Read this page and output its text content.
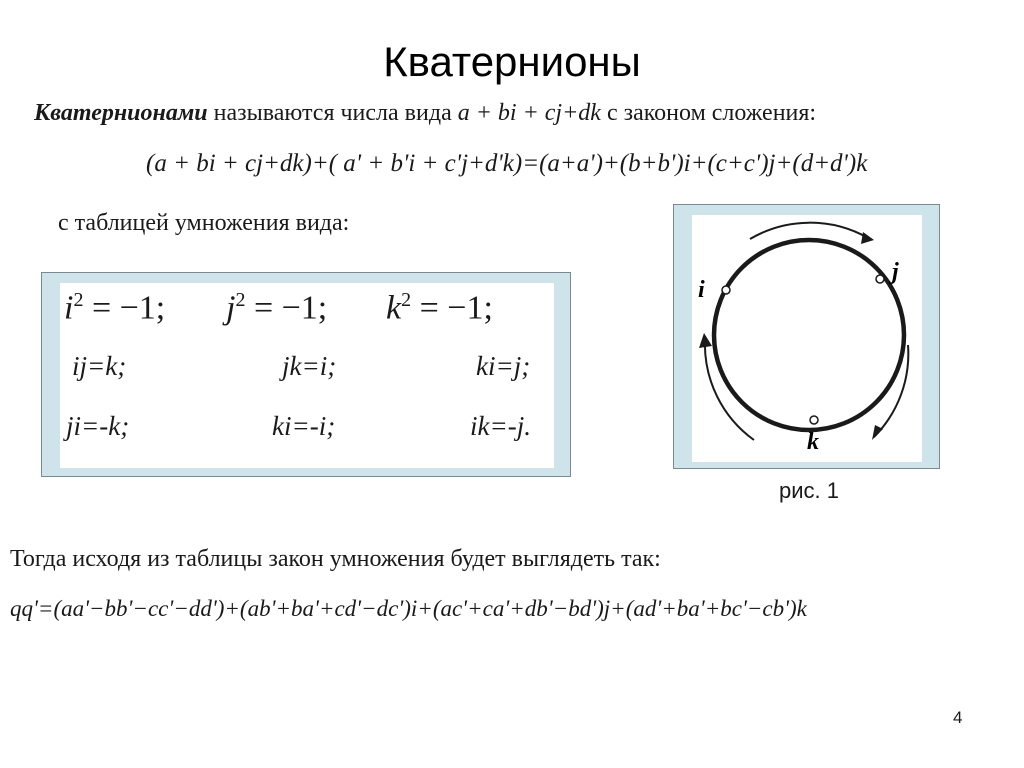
Кватернионы
Кватернионами называются числа вида a + bi + cj+dk с законом сложения:
(a + bi + cj+dk)+( a' + b'i + c'j+d'k)=(a+a')+(b+b')i+(c+c')j+(d+d')k
с таблицей умножения вида:
$i^2 = -1$; $j^2 = -1$; $k^2 = -1$;
ij=k;	jk=i;	ki=j;
ji=-k;	ki=-i;	ik=-j.
i
j
k
рис. 1
Тогда исходя из таблицы закон умножения будет выглядеть так:
qq'=(aa'−bb'−cc'−dd')+(ab'+ba'+cd'−dc')i+(ac'+ca'+db'−bd')j+(ad'+ba'+bc'−cb')k
4
